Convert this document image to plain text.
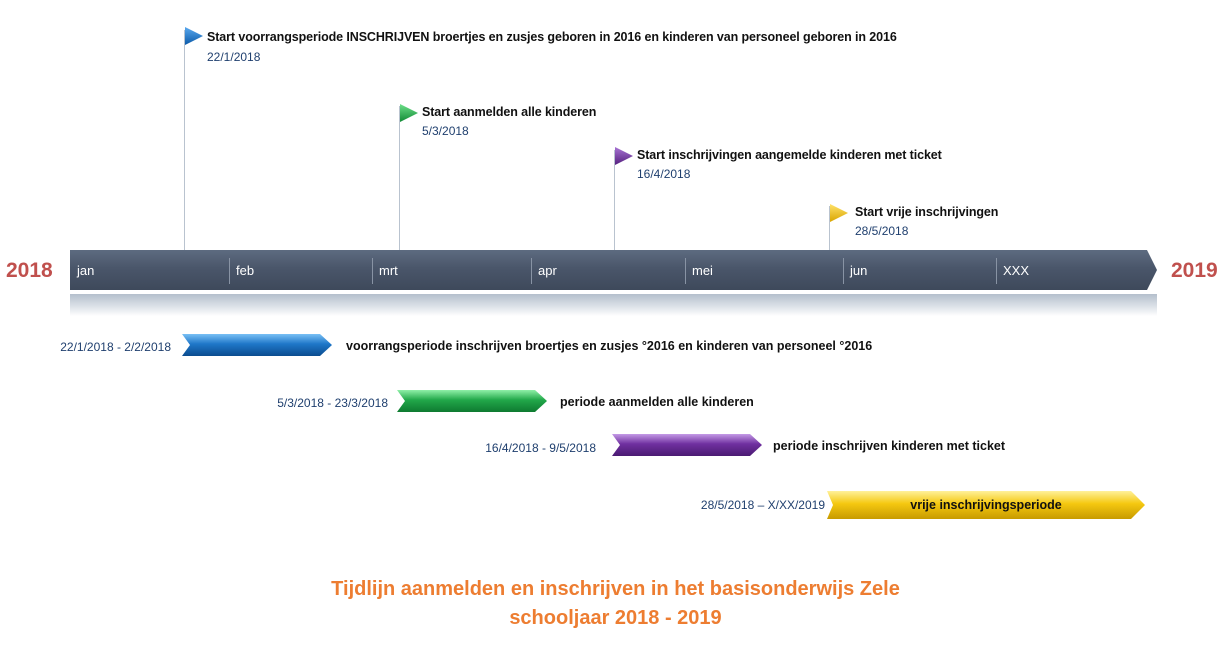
Start voorrangsperiode INSCHRIJVEN broertjes en zusjes geboren in 2016 en kinderen van personeel geboren in 2016
22/1/2018
Start aanmelden alle kinderen
5/3/2018
Start inschrijvingen aangemelde kinderen met ticket
16/4/2018
Start vrije inschrijvingen
28/5/2018
2018	2019
jan	feb	mrt	apr	mei	jun	XXX
22/1/2018 - 2/2/2018	voorrangsperiode inschrijven broertjes en zusjes °2016 en kinderen van personeel °2016
5/3/2018 - 23/3/2018	periode aanmelden alle kinderen
16/4/2018 - 9/5/2018	periode inschrijven kinderen met ticket
28/5/2018 – X/XX/2019	vrije inschrijvingsperiode
Tijdlijn aanmelden en inschrijven in het basisonderwijs Zele
schooljaar 2018 - 2019
